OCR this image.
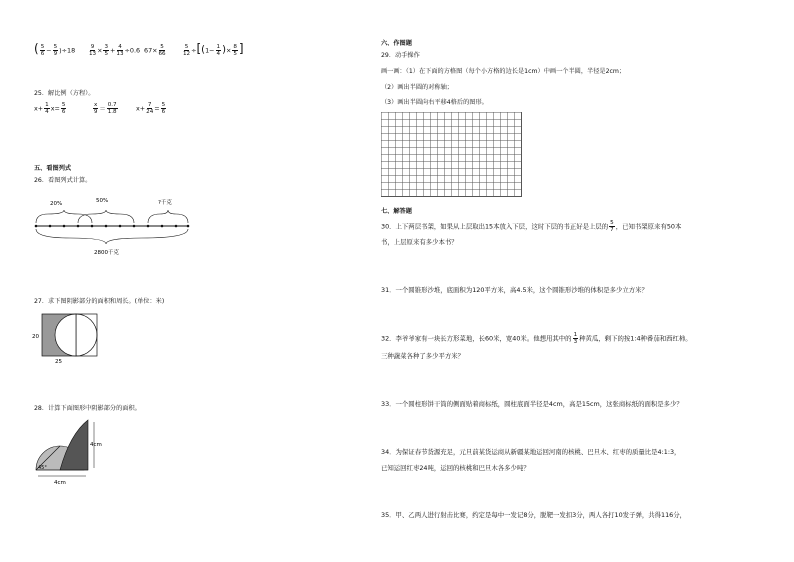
( $\frac{5}{6} - \frac{5}{9} )\div 18 \frac{9}{13} \times \frac{3}{5} + \frac{4}{13} \div 0.6$ $67\times \frac{5}{66}$	$\frac{5}{12} \div[(1- \frac{1}{4}$ )× $\frac{8}{5}$ ]
25．解比例（方程）。
$x+ \frac{1}{4} x= \frac{5}{6}$	$\frac{x}{9} = \frac{0.7}{1.8}$	$x+ \frac{7}{24} = \frac{5}{6}$
五、看图列式
26．看图列式计算。
20%	50%	?千克
2800千克
27．求下图阴影部分的面积和周长。(单位：米)
20
25
28．计算下面图形中阴影部分的面积。
4cm
4cm
45°
六、作图题
29．动手操作
画一画：（1）在下面的方格图（每个小方格的边长是1cm）中画一个半圆，半径是2cm；
（2）画出半圆的对称轴；
（3）画出半圆向右平移4格后的图形。
七、解答题
30．上下两层书架，如果从上层取出15本放入下层，这时下层的书正好是上层的 $\frac{5}{7}$ ，已知书架原来有50本
书，上层原来有多少本书？
31．一个圆锥形沙堆，底面积为120平方米，高4.5米，这个圆锥形沙堆的体积是多少立方米？
32．李爷爷家有一块长方形菜地，长60米，宽40米。他想用其中的 $\frac{1}{3}$ 种黄瓜，剩下的按1:4种番茄和西红柿。
三种蔬菜各种了多少平方米？
33．一个圆柱形饼干筒的侧面贴着商标纸，圆柱底面半径是4cm，高是15cm，这张商标纸的面积是多少？
34．为保证春节货源充足，元旦前某货运商从新疆某地运回河南的核桃、巴旦木、红枣的质量比是4:1:3，
已知运回红枣24吨，运回的核桃和巴旦木各多少吨？
35．甲、乙两人进行射击比赛，约定是每中一发记8分，脱靶一发扣3分，两人各打10发子弹，共得116分，
